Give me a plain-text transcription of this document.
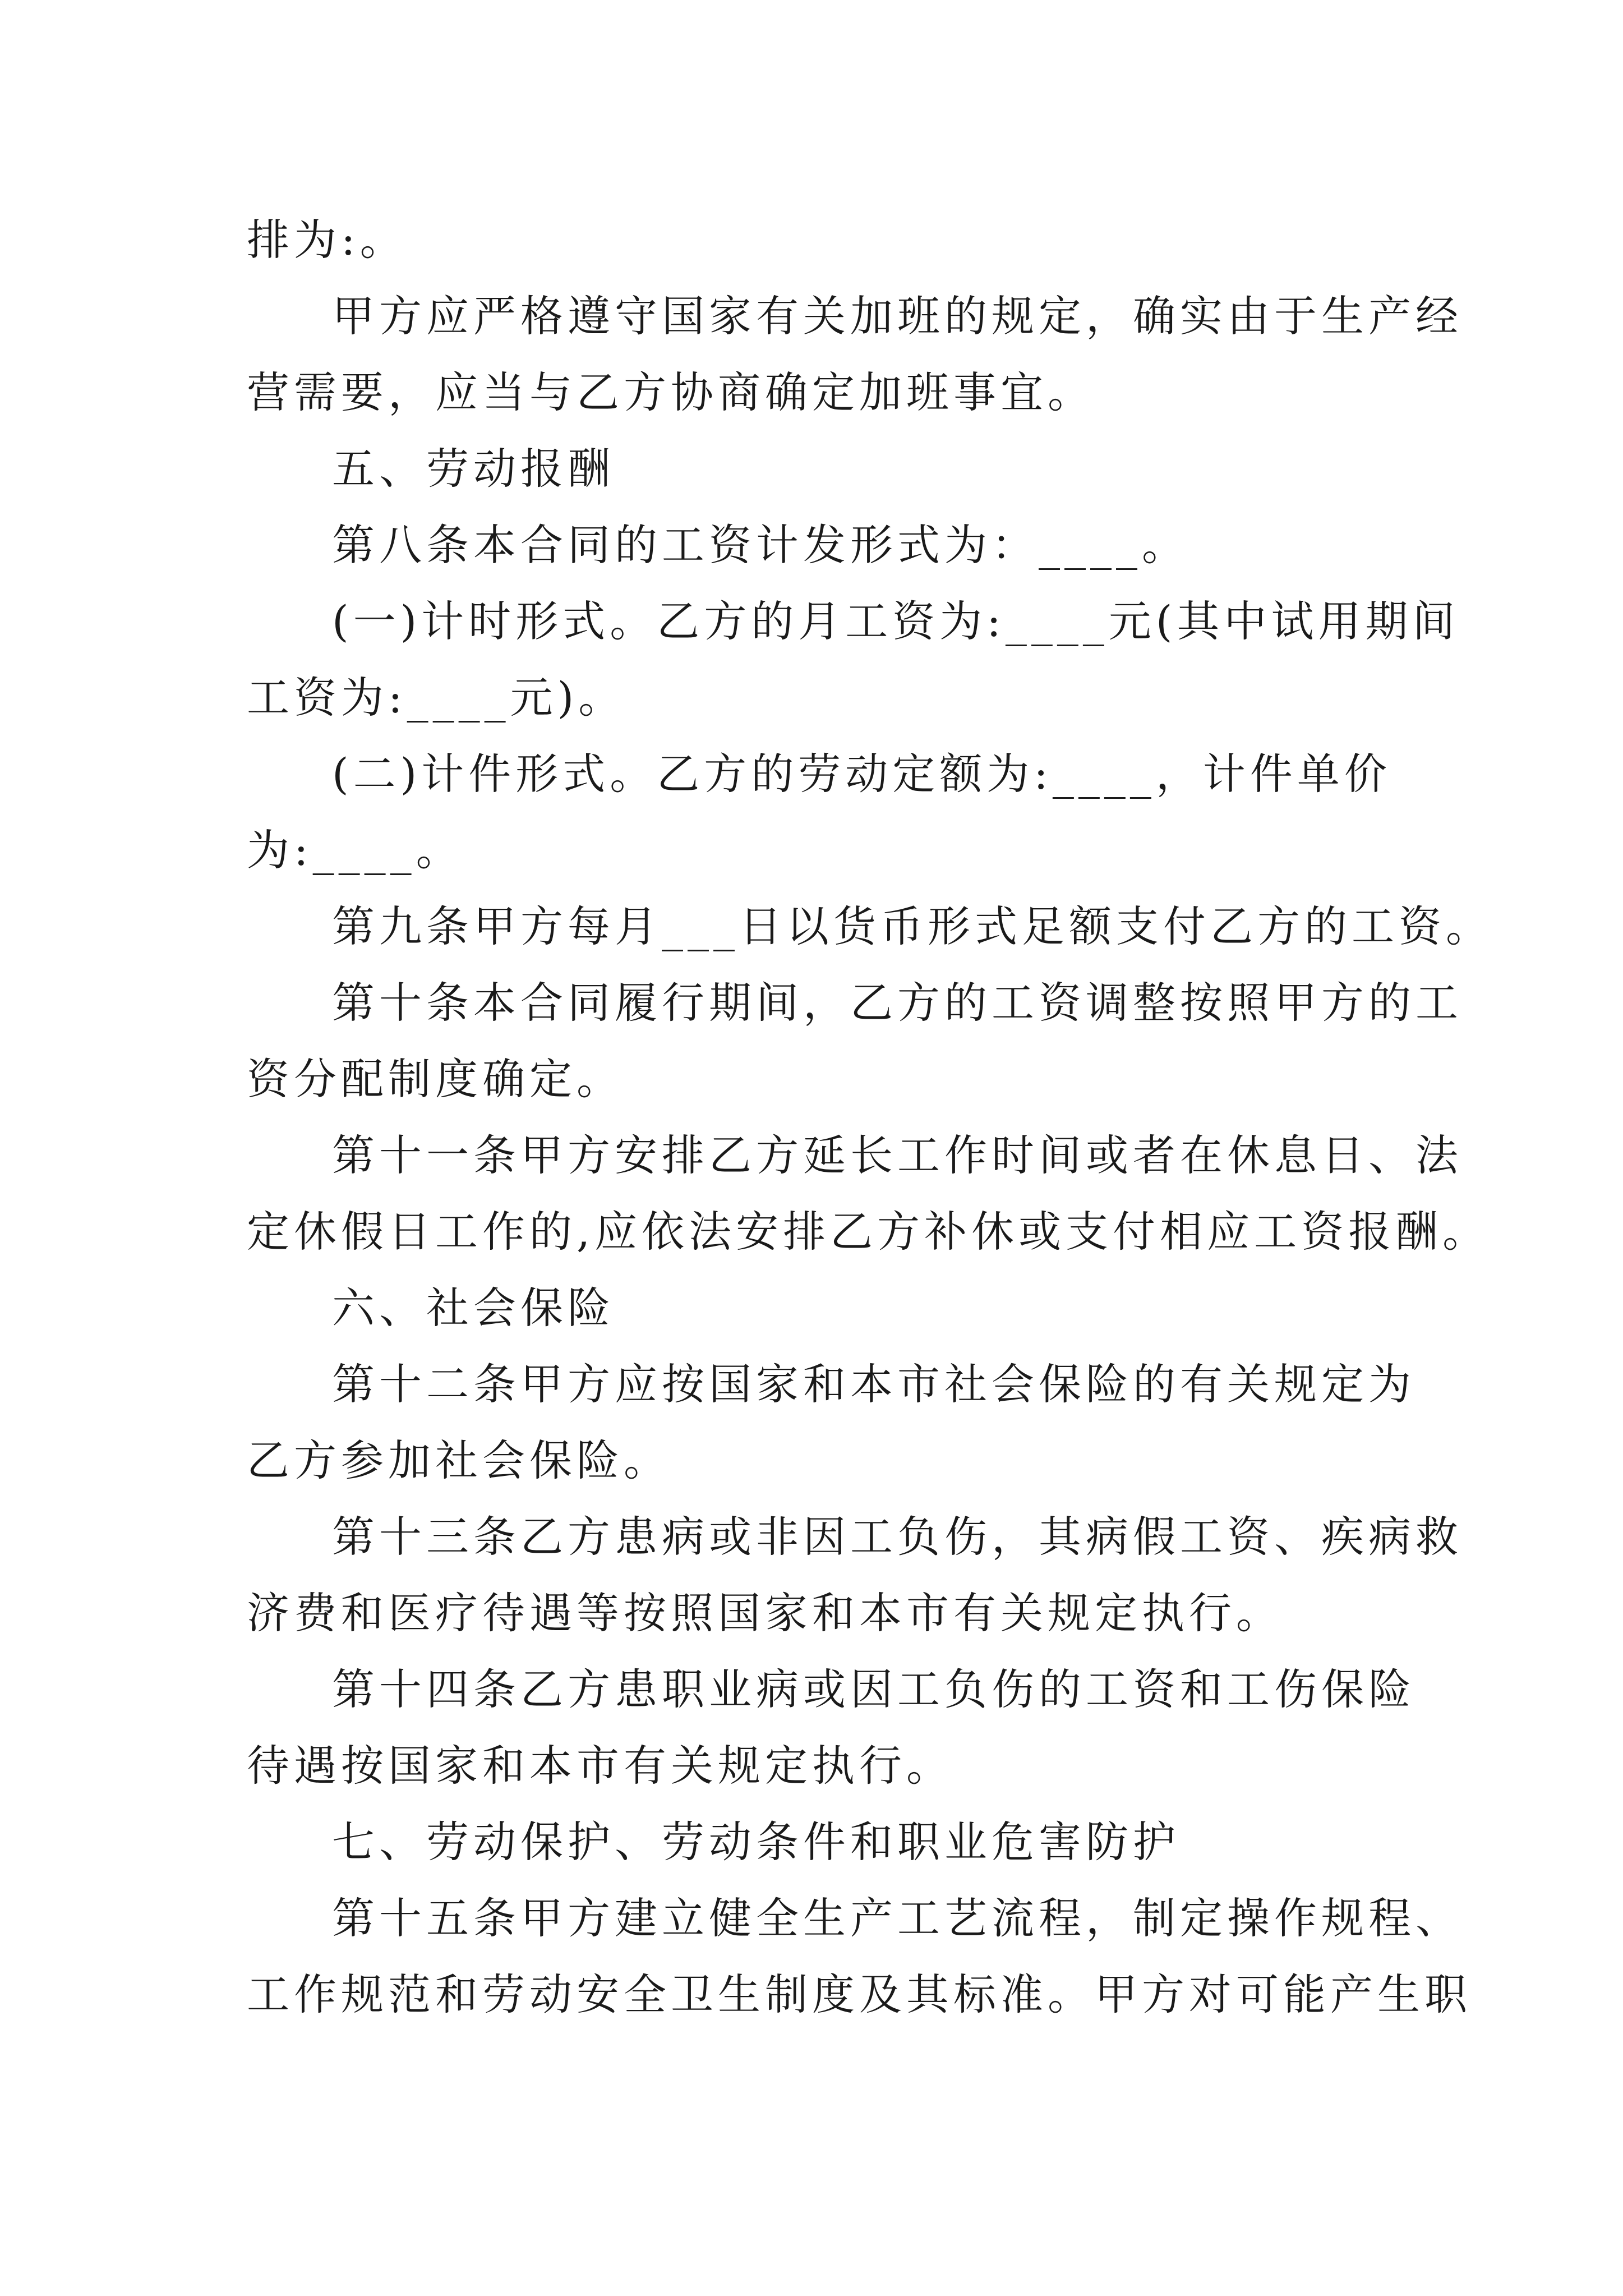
排为:。
甲方应严格遵守国家有关加班的规定，确实由于生产经
营需要，应当与乙方协商确定加班事宜。
五、劳动报酬
第八条本合同的工资计发形式为：____。
(一)计时形式。乙方的月工资为:____元(其中试用期间
工资为:____元)。
(二)计件形式。乙方的劳动定额为:____，计件单价
为:____。
第九条甲方每月___日以货币形式足额支付乙方的工资。
第十条本合同履行期间，乙方的工资调整按照甲方的工
资分配制度确定。
第十一条甲方安排乙方延长工作时间或者在休息日、法
定休假日工作的,应依法安排乙方补休或支付相应工资报酬。
六、社会保险
第十二条甲方应按国家和本市社会保险的有关规定为
乙方参加社会保险。
第十三条乙方患病或非因工负伤，其病假工资、疾病救
济费和医疗待遇等按照国家和本市有关规定执行。
第十四条乙方患职业病或因工负伤的工资和工伤保险
待遇按国家和本市有关规定执行。
七、劳动保护、劳动条件和职业危害防护
第十五条甲方建立健全生产工艺流程，制定操作规程、
工作规范和劳动安全卫生制度及其标准。甲方对可能产生职
